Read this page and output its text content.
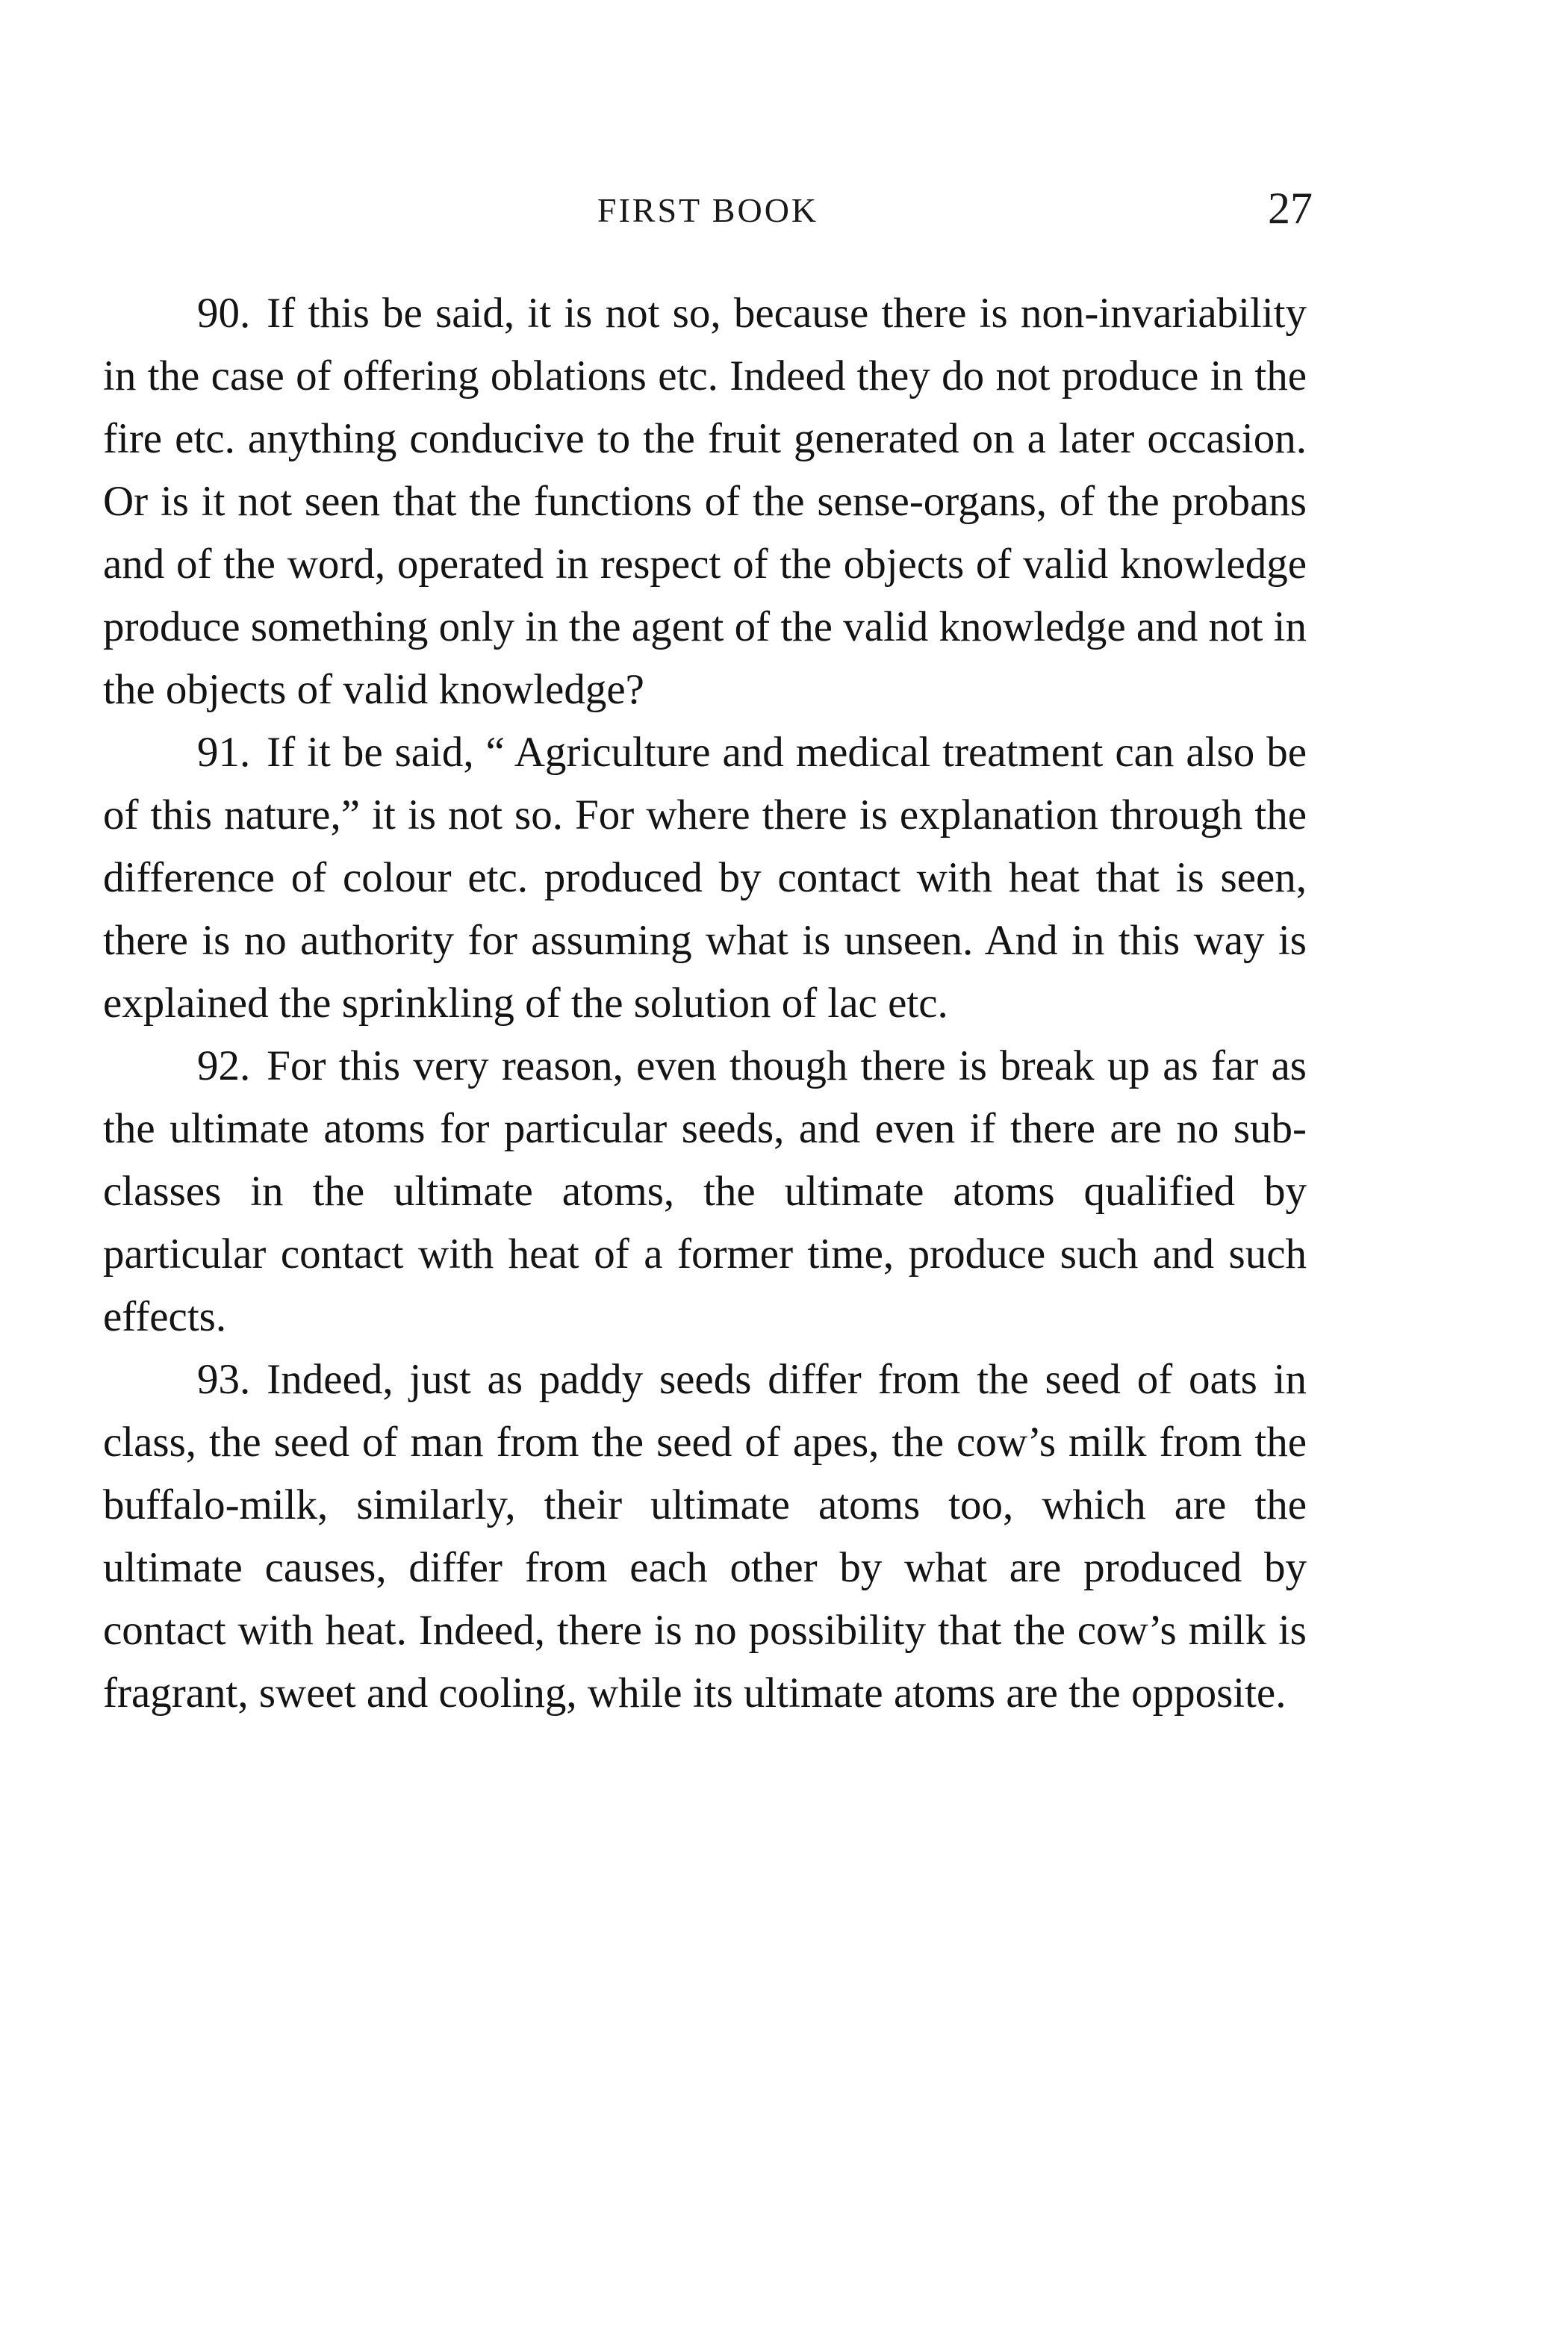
FIRST BOOK	27

90. If this be said, it is not so, because there is non-invariability in the case of offering oblations etc. Indeed they do not produce in the fire etc. anything conducive to the fruit generated on a later occasion. Or is it not seen that the functions of the sense-organs, of the probans and of the word, operated in respect of the objects of valid knowledge produce something only in the agent of the valid knowledge and not in the objects of valid knowledge?

91. If it be said, “ Agriculture and medical treatment can also be of this nature,” it is not so. For where there is explanation through the difference of colour etc. produced by contact with heat that is seen, there is no authority for assuming what is unseen. And in this way is explained the sprinkling of the solution of lac etc.

92. For this very reason, even though there is break up as far as the ultimate atoms for particular seeds, and even if there are no sub-classes in the ultimate atoms, the ultimate atoms qualified by particular contact with heat of a former time, produce such and such effects.

93. Indeed, just as paddy seeds differ from the seed of oats in class, the seed of man from the seed of apes, the cow’s milk from the buffalo-milk, similarly, their ultimate atoms too, which are the ultimate causes, differ from each other by what are produced by contact with heat. Indeed, there is no possibility that the cow’s milk is fragrant, sweet and cooling, while its ultimate atoms are the opposite.
